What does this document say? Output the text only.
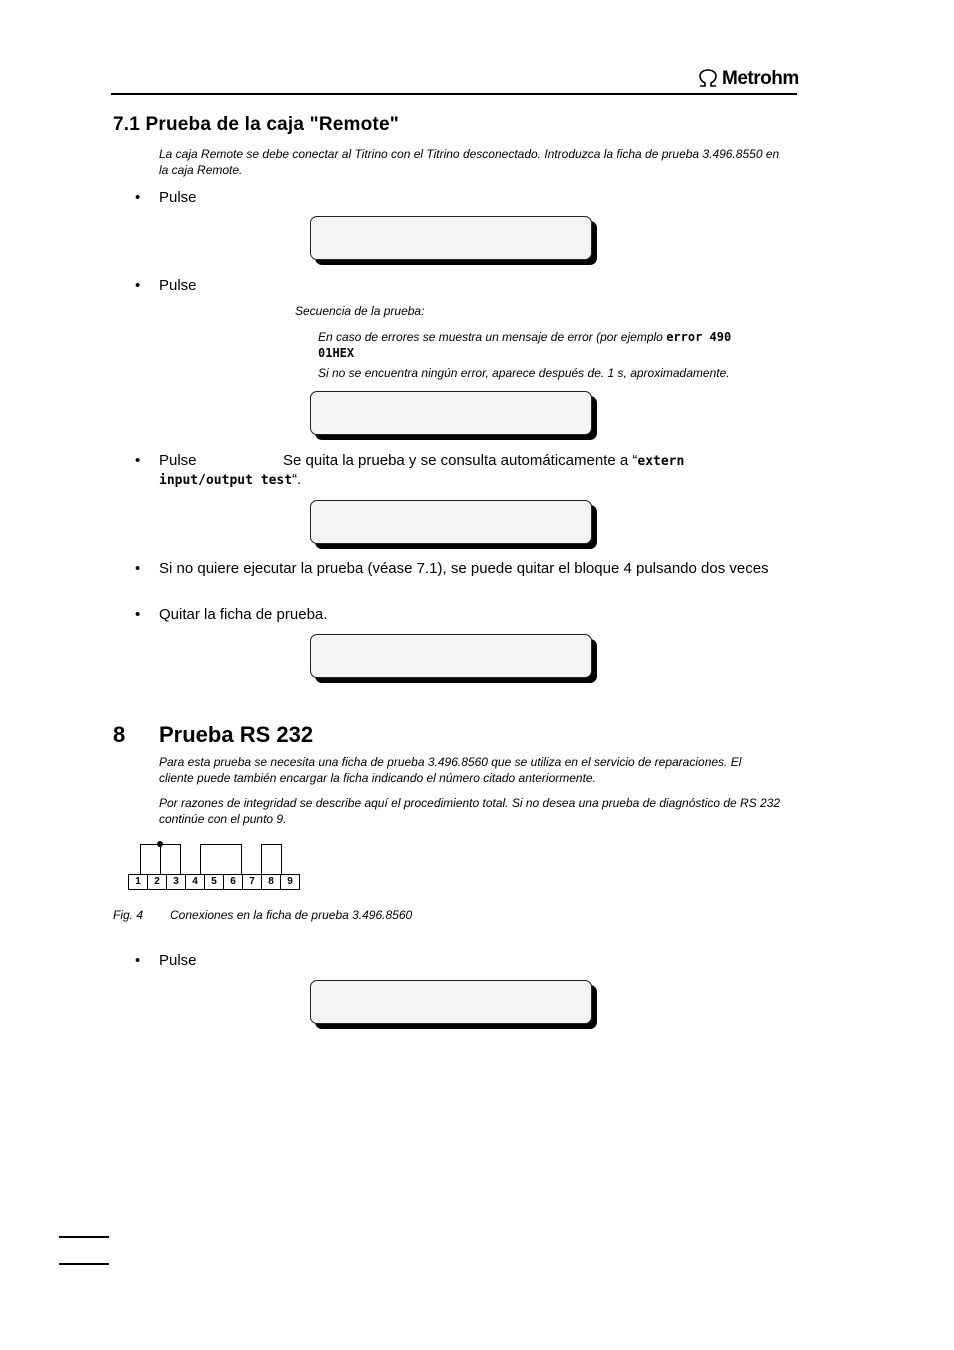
Metrohm
7.1 Prueba de la caja "Remote"
La caja Remote se debe conectar al Titrino con el Titrino desconectado. Introduzca la ficha de prueba 3.496.8550 en la caja Remote.
• Pulse
• Pulse
Secuencia de la prueba:
En caso de errores se muestra un mensaje de error (por ejemplo error 490
01HEX
Si no se encuentra ningún error, aparece después de. 1 s, aproximadamente.
• Pulse	Se quita la prueba y se consulta automáticamente a “extern
input/output test“.
• Si no quiere ejecutar la prueba (véase 7.1), se puede quitar el bloque 4 pulsando dos veces
• Quitar la ficha de prueba.
8 Prueba RS 232
Para esta prueba se necesita una ficha de prueba 3.496.8560 que se utiliza en el servicio de reparaciones. El cliente puede también encargar la ficha indicando el número citado anteriormente.
Por razones de integridad se describe aquí el procedimiento total. Si no desea una prueba de diagnóstico de RS 232 continúe con el punto 9.
1	2	3	4	5	6	7	8	9
Fig. 4 Conexiones en la ficha de prueba 3.496.8560
• Pulse
